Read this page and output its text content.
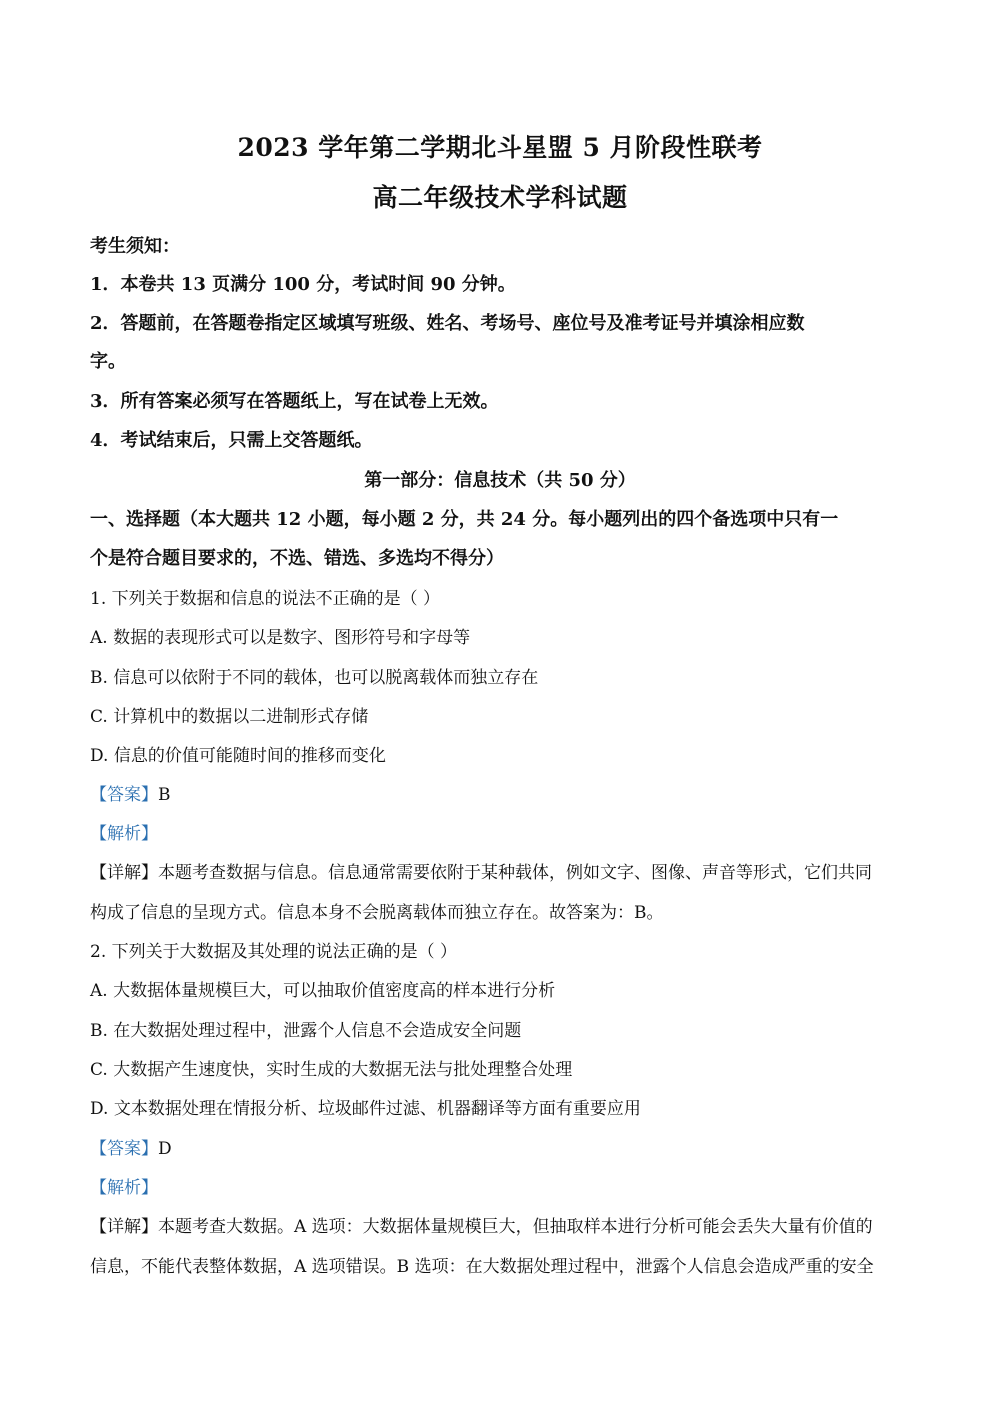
2023 学年第二学期北斗星盟 5 月阶段性联考
高二年级技术学科试题
考生须知：
1．本卷共 13 页满分 100 分，考试时间 90 分钟。
2．答题前，在答题卷指定区域填写班级、姓名、考场号、座位号及准考证号并填涂相应数
字。
3．所有答案必须写在答题纸上，写在试卷上无效。
4．考试结束后，只需上交答题纸。
第一部分：信息技术（共 50 分）
一、选择题（本大题共 12 小题，每小题 2 分，共 24 分。每小题列出的四个备选项中只有一
个是符合题目要求的，不选、错选、多选均不得分）
1. 下列关于数据和信息的说法不正确的是（ ）
A. 数据的表现形式可以是数字、图形符号和字母等
B. 信息可以依附于不同的载体，也可以脱离载体而独立存在
C. 计算机中的数据以二进制形式存储
D. 信息的价值可能随时间的推移而变化
【答案】B
【解析】
【详解】本题考查数据与信息。信息通常需要依附于某种载体，例如文字、图像、声音等形式，它们共同
构成了信息的呈现方式。信息本身不会脱离载体而独立存在。故答案为：B。
2. 下列关于大数据及其处理的说法正确的是（ ）
A. 大数据体量规模巨大，可以抽取价值密度高的样本进行分析
B. 在大数据处理过程中，泄露个人信息不会造成安全问题
C. 大数据产生速度快，实时生成的大数据无法与批处理整合处理
D. 文本数据处理在情报分析、垃圾邮件过滤、机器翻译等方面有重要应用
【答案】D
【解析】
【详解】本题考查大数据。A 选项：大数据体量规模巨大，但抽取样本进行分析可能会丢失大量有价值的
信息，不能代表整体数据，A 选项错误。B 选项：在大数据处理过程中，泄露个人信息会造成严重的安全
